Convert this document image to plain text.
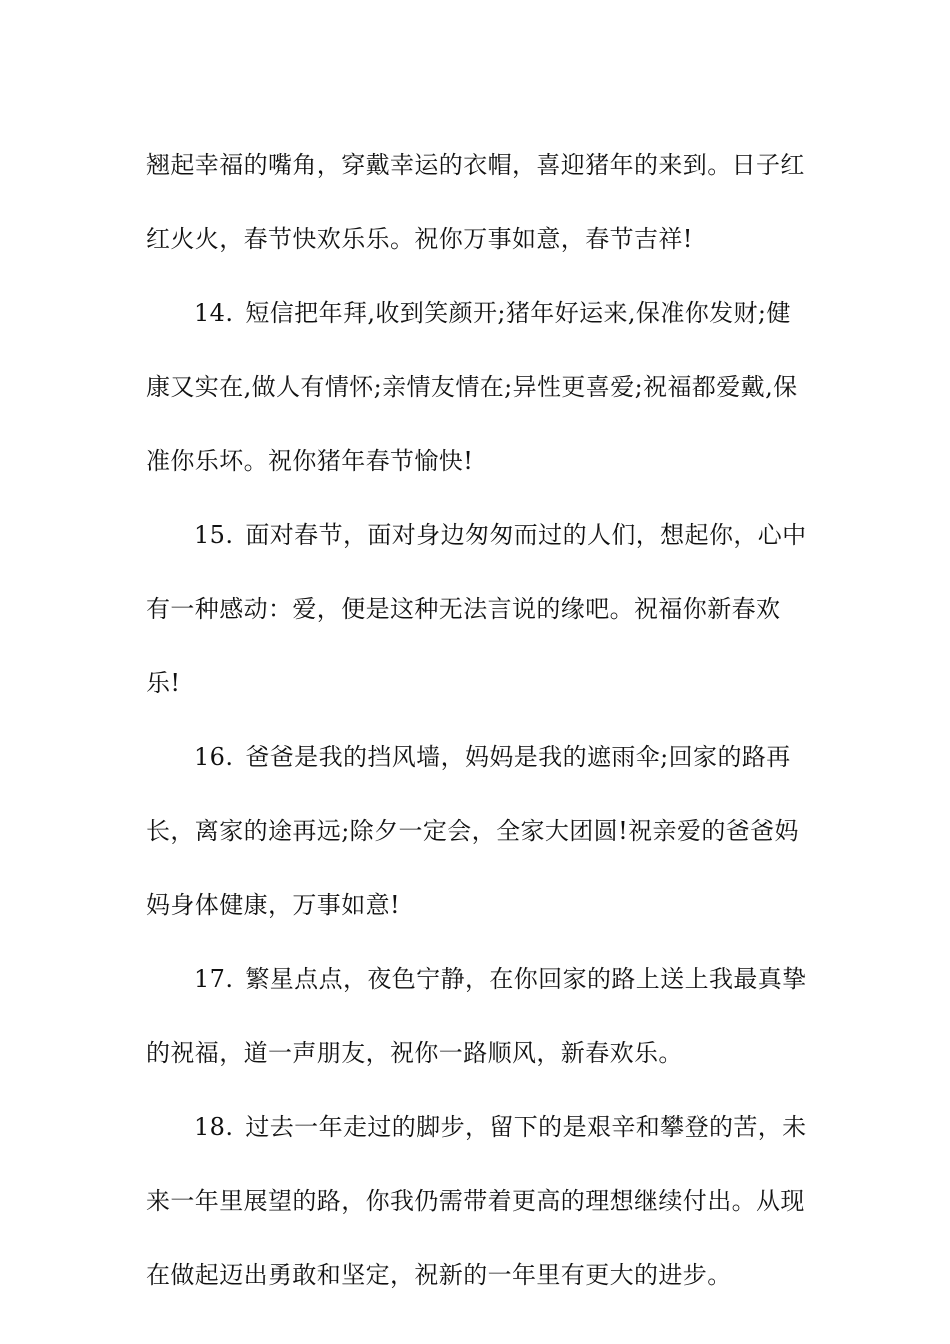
翘起幸福的嘴角，穿戴幸运的衣帽，喜迎猪年的来到。日子红红火火，春节快欢乐乐。祝你万事如意，春节吉祥!

14. 短信把年拜,收到笑颜开;猪年好运来,保准你发财;健康又实在,做人有情怀;亲情友情在;异性更喜爱;祝福都爱戴,保准你乐坏。祝你猪年春节愉快!

15. 面对春节，面对身边匆匆而过的人们，想起你，心中有一种感动：爱，便是这种无法言说的缘吧。祝福你新春欢乐!

16. 爸爸是我的挡风墙，妈妈是我的遮雨伞;回家的路再长，离家的途再远;除夕一定会，全家大团圆!祝亲爱的爸爸妈妈身体健康，万事如意!

17. 繁星点点，夜色宁静，在你回家的路上送上我最真挚的祝福，道一声朋友，祝你一路顺风，新春欢乐。

18. 过去一年走过的脚步，留下的是艰辛和攀登的苦，未来一年里展望的路，你我仍需带着更高的理想继续付出。从现在做起迈出勇敢和坚定，祝新的一年里有更大的进步。
